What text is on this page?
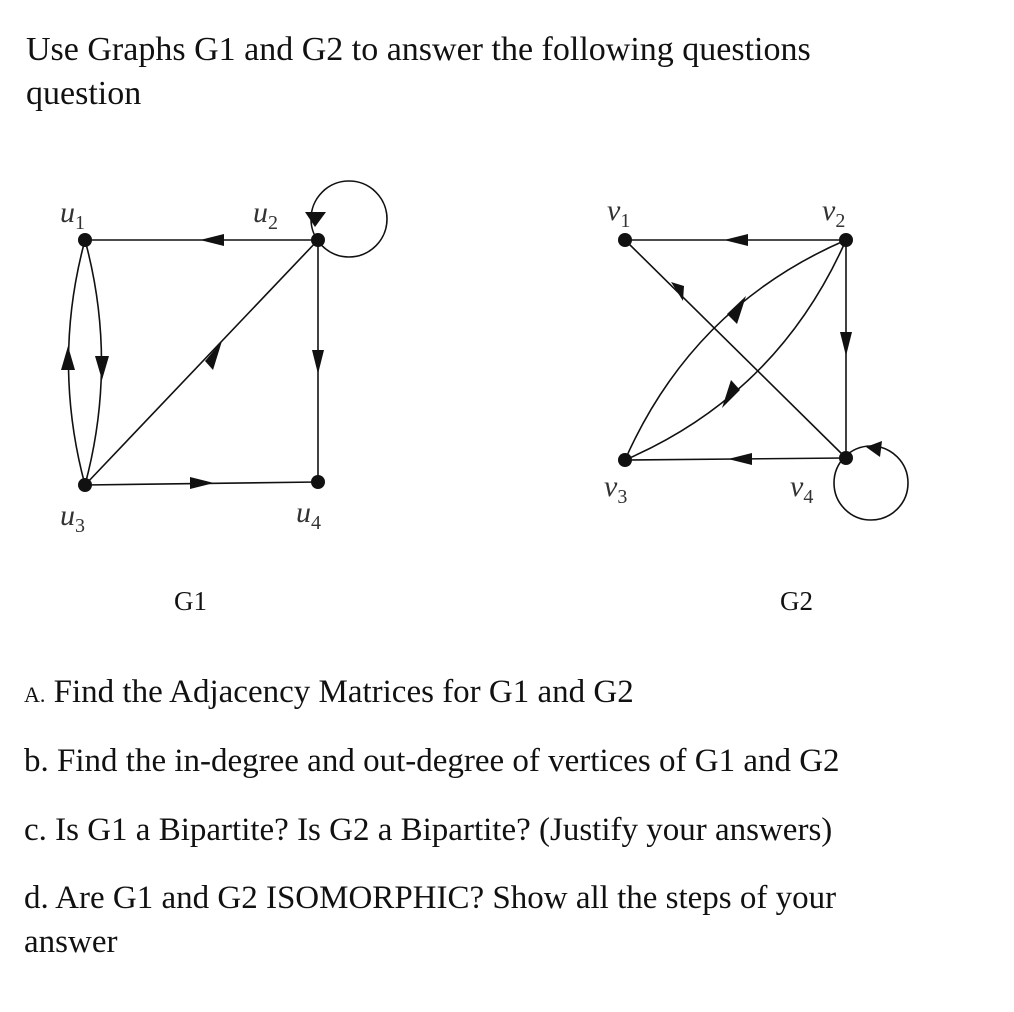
Use Graphs G1 and G2 to answer the following questions
question
$u_1$	$u_2$
$u_3$	$u_4$
G1
$v_1$	$v_2$
$v_3$	$v_4$
G2
A. Find the Adjacency Matrices for G1 and G2
b. Find the in-degree and out-degree of vertices of G1 and G2
c. Is G1 a Bipartite? Is G2 a Bipartite? (Justify your answers)
d. Are G1 and G2 ISOMORPHIC? Show all the steps of your
answer
